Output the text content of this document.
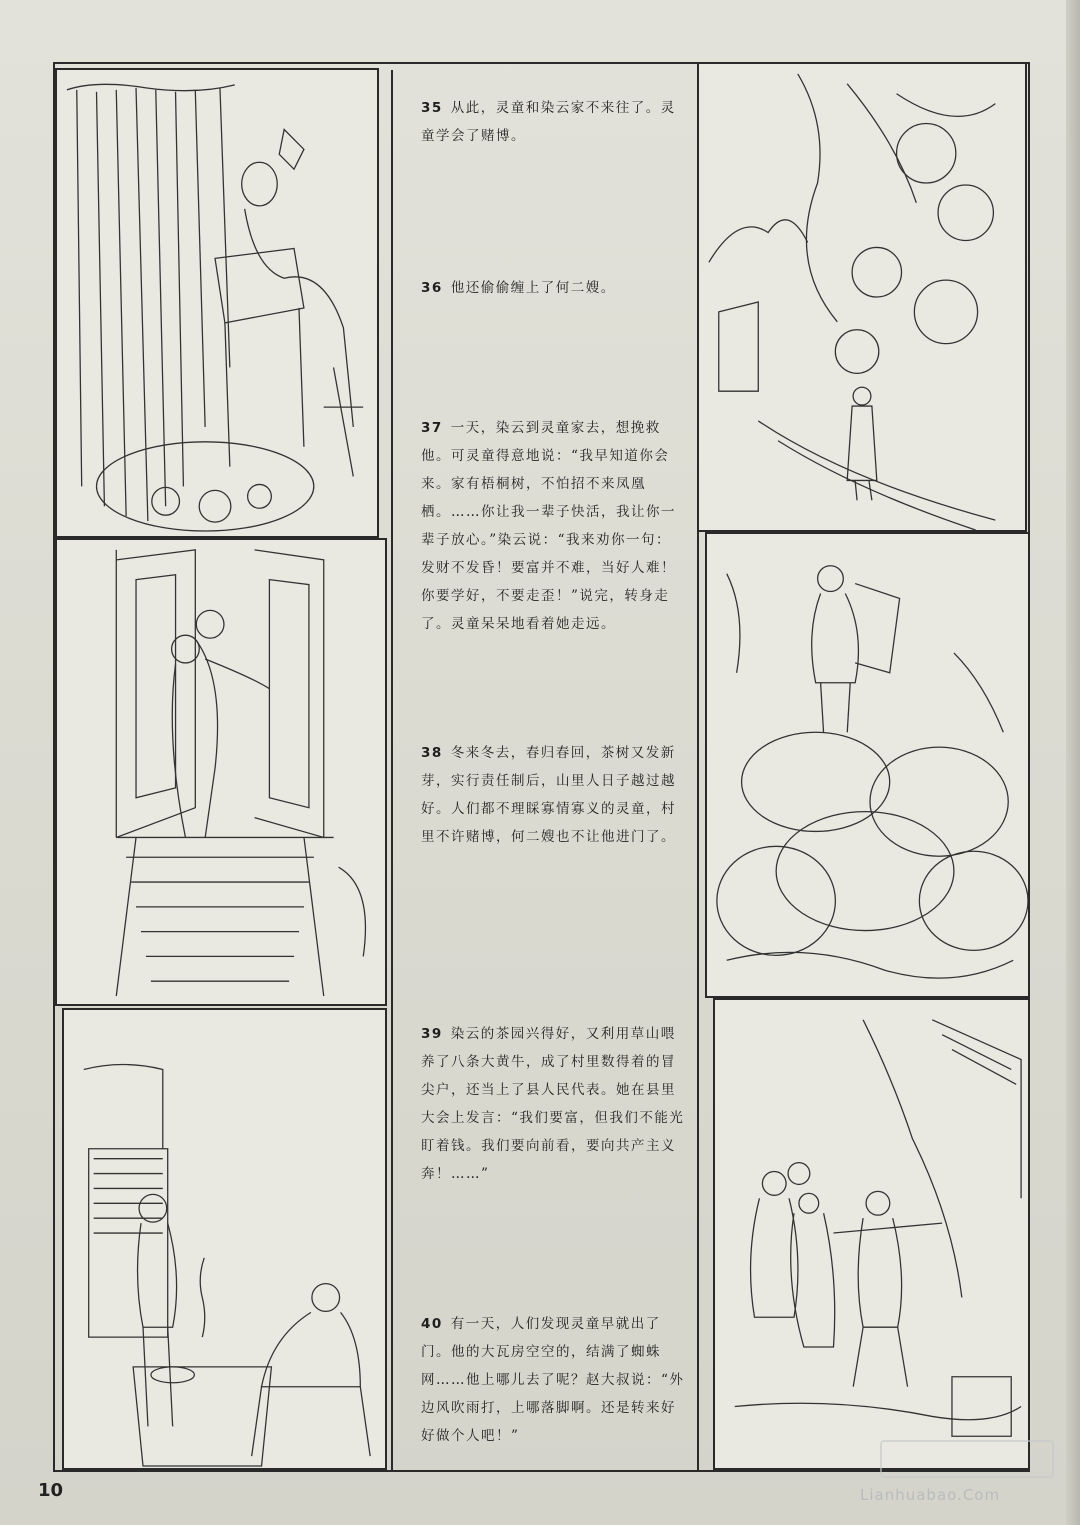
35 从此，灵童和染云家不来往了。灵童学会了赌博。
36 他还偷偷缠上了何二嫂。
37 一天，染云到灵童家去，想挽救他。可灵童得意地说：“我早知道你会来。家有梧桐树，不怕招不来凤凰栖。……你让我一辈子快活，我让你一辈子放心。”染云说：“我来劝你一句： 发财不发昏！要富并不难，当好人难！你要学好，不要走歪！”说完，转身走了。灵童呆呆地看着她走远。
38 冬来冬去，春归春回，茶树又发新芽，实行责任制后，山里人日子越过越好。人们都不理睬寡情寡义的灵童，村里不许赌博，何二嫂也不让他进门了。
39 染云的茶园兴得好，又利用草山喂养了八条大黄牛，成了村里数得着的冒尖户，还当上了县人民代表。她在县里大会上发言：“我们要富，但我们不能光盯着钱。我们要向前看，要向共产主义奔！……”
40 有一天，人们发现灵童早就出了门。他的大瓦房空空的，结满了蜘蛛网……他上哪儿去了呢？赵大叔说：“外边风吹雨打，上哪落脚啊。还是转来好好做个人吧！”
10	Lianhuabao.Com
